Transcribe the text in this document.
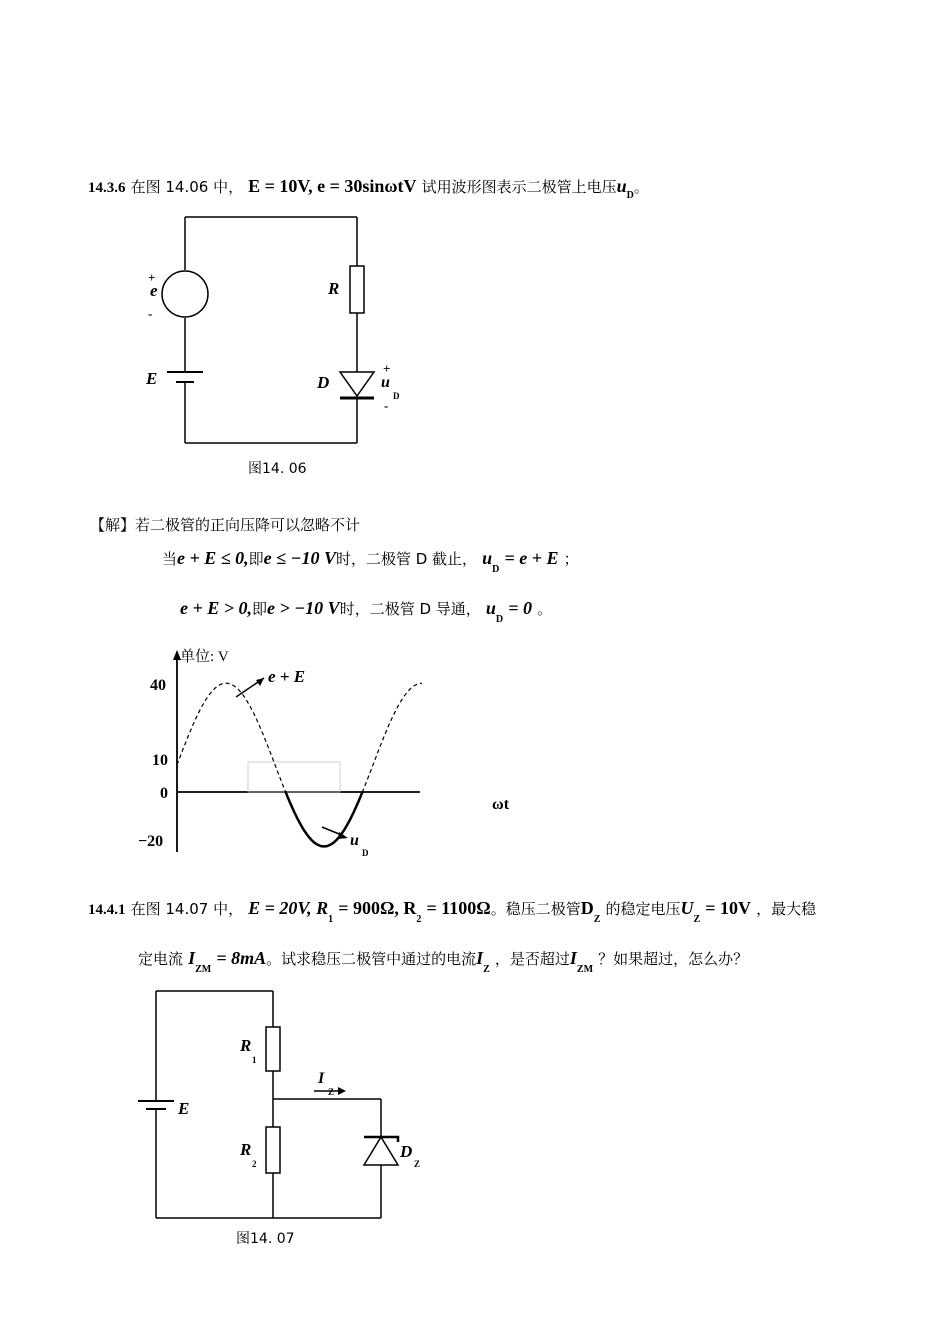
14.3.6 在图 14.06 中， E = 10V, e = 30sinωtV 试用波形图表示二极管上电压$u_D$。
+
e
-
E
R
D
+
u
D
-
图14. 06
【解】若二极管的正向压降可以忽略不计
当e + E ≤ 0,即e ≤ −10 V时，二极管 D 截止， $u_D = e + E$ ；
e + E > 0,即e > −10 V时，二极管 D 导通， $u_D = 0$ 。
单位: V
40
10
0
−20
ωt
e + E
u
D
14.4.1 在图 14.07 中， E = 20V, $R_1 = 900\Omega$, $R_2 = 1100\Omega$。稳压二极管$D_Z$ 的稳定电压$U_Z = 10V$ ，最大稳
定电流 $I_{ZM} = 8mA$。试求稳压二极管中通过的电流$I_Z$ ，是否超过$I_{ZM}$ ？如果超过，怎么办？
R
1
R
2
E
I
Z
D
Z
图14. 07
